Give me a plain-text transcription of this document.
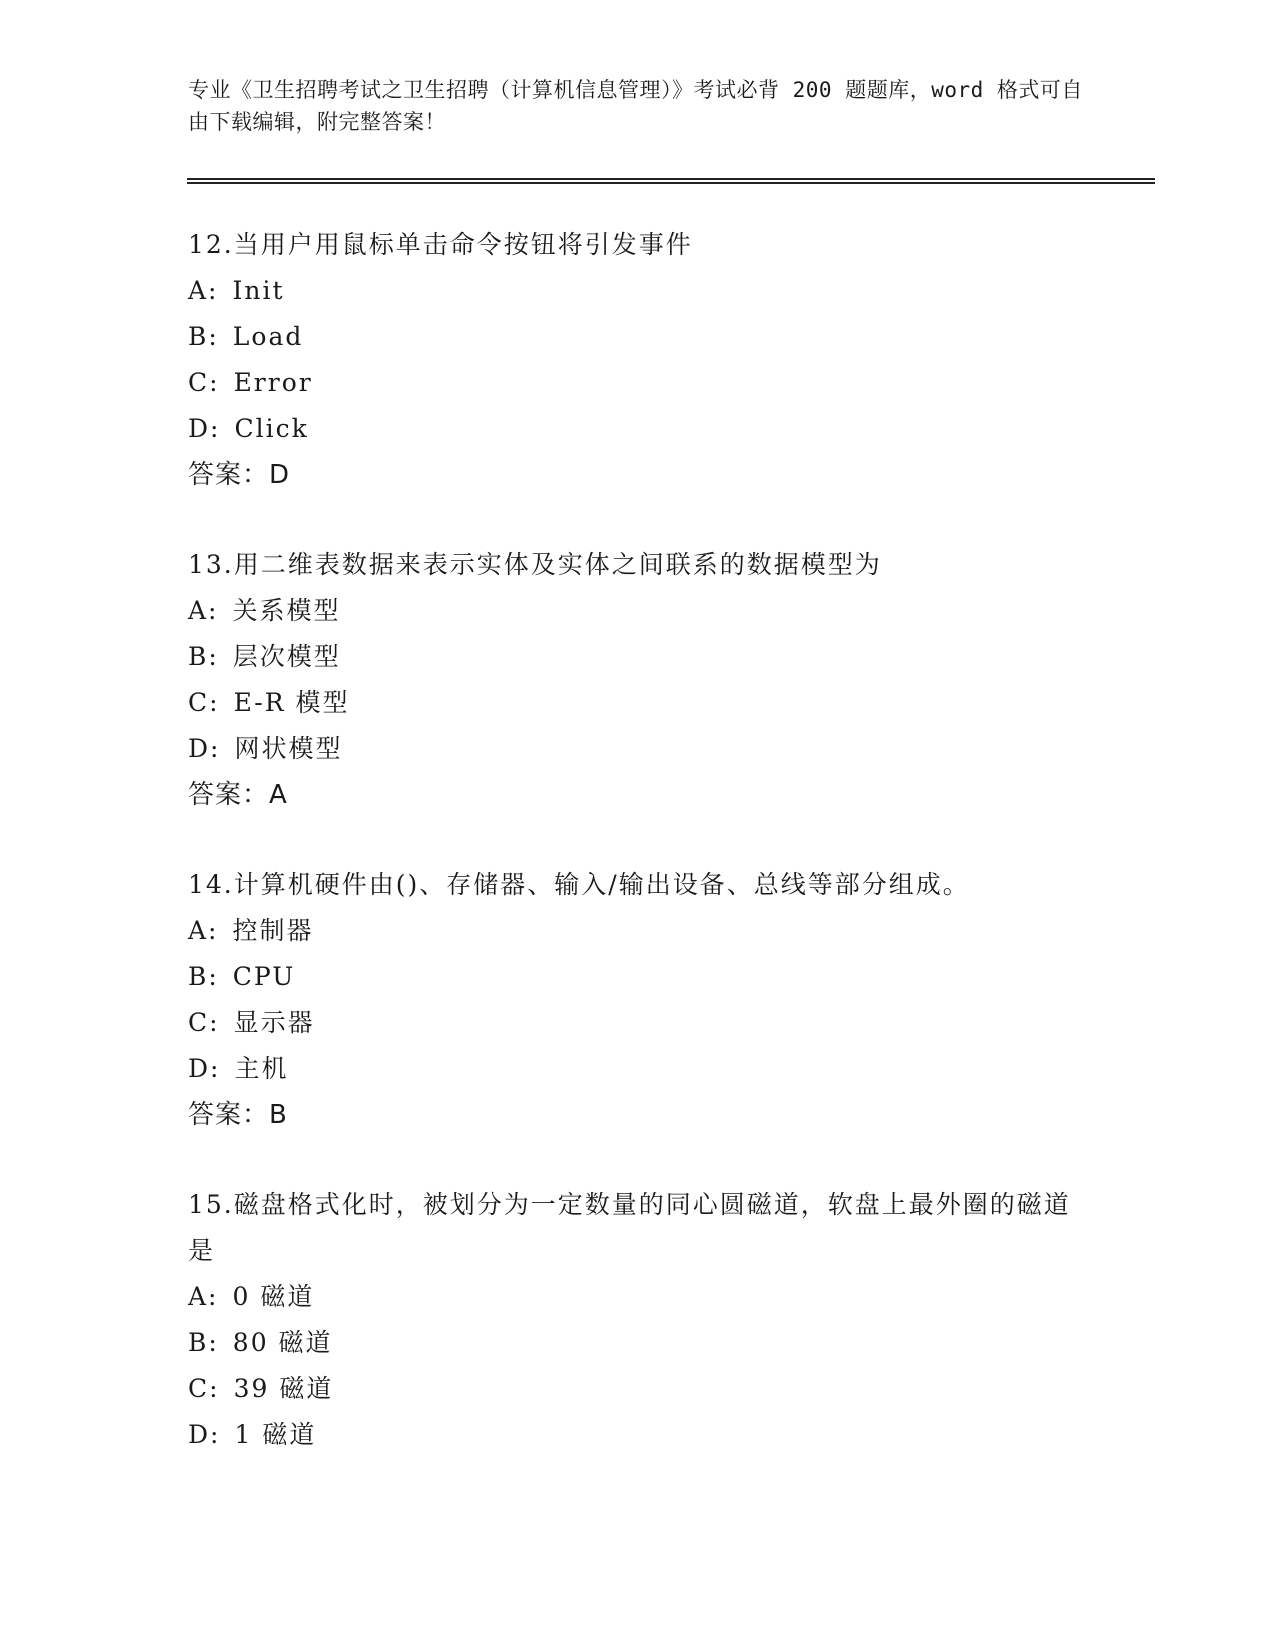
专业《卫生招聘考试之卫生招聘（计算机信息管理）》考试必背 200 题题库，word 格式可自由下载编辑，附完整答案！
12.当用户用鼠标单击命令按钮将引发事件
A: Init
B: Load
C: Error
D: Click
答案：D
13.用二维表数据来表示实体及实体之间联系的数据模型为
A: 关系模型
B: 层次模型
C: E-R 模型
D: 网状模型
答案：A
14.计算机硬件由()、存储器、输入/输出设备、总线等部分组成。
A: 控制器
B: CPU
C: 显示器
D: 主机
答案：B
15.磁盘格式化时，被划分为一定数量的同心圆磁道，软盘上最外圈的磁道是
A: 0 磁道
B: 80 磁道
C: 39 磁道
D: 1 磁道
